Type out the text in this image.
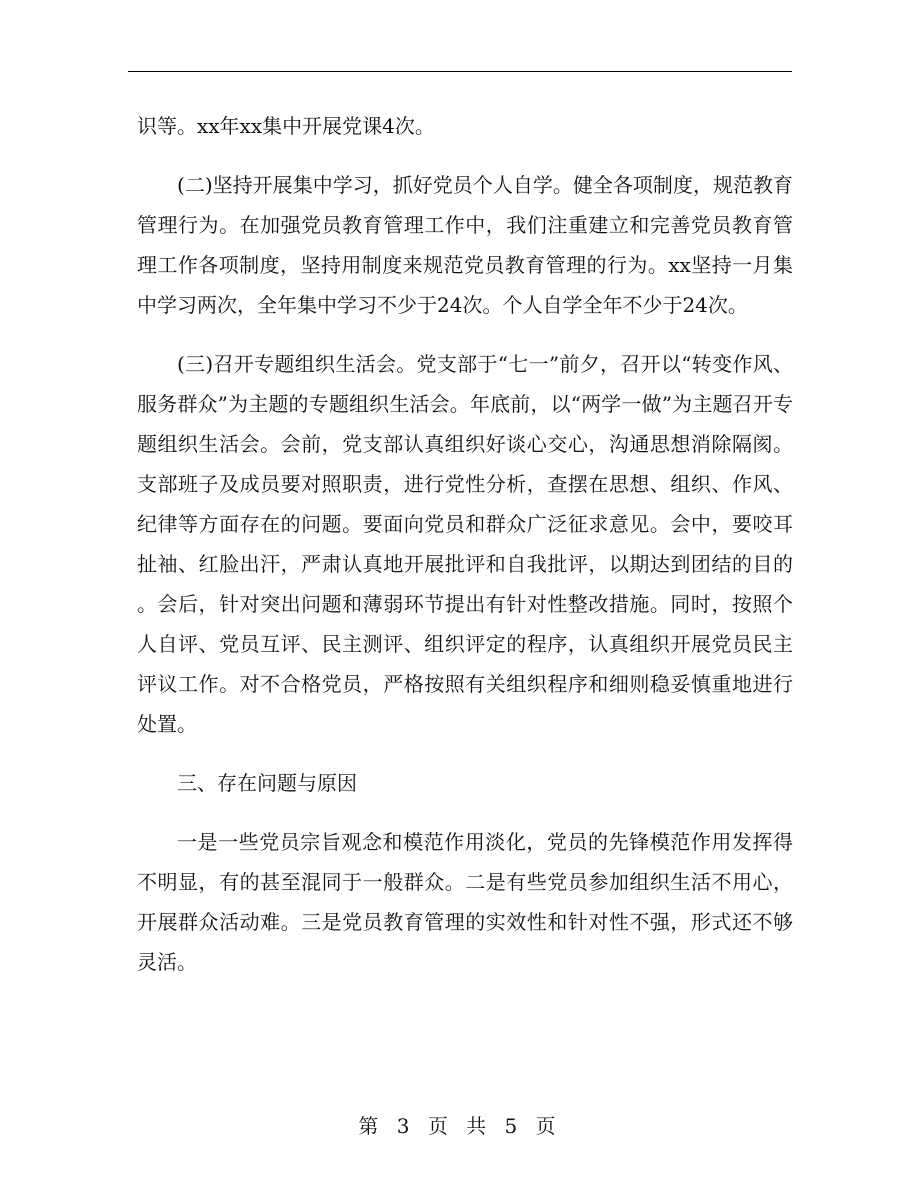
识等。xx年xx集中开展党课4次。

(二)坚持开展集中学习，抓好党员个人自学。健全各项制度，规范教育管理行为。在加强党员教育管理工作中，我们注重建立和完善党员教育管理工作各项制度，坚持用制度来规范党员教育管理的行为。xx坚持一月集中学习两次，全年集中学习不少于24次。个人自学全年不少于24次。

(三)召开专题组织生活会。党支部于“七一”前夕，召开以“转变作风、服务群众”为主题的专题组织生活会。年底前，以“两学一做”为主题召开专题组织生活会。会前，党支部认真组织好谈心交心，沟通思想消除隔阂。支部班子及成员要对照职责，进行党性分析，查摆在思想、组织、作风、纪律等方面存在的问题。要面向党员和群众广泛征求意见。会中，要咬耳扯袖、红脸出汗，严肃认真地开展批评和自我批评，以期达到团结的目的。会后，针对突出问题和薄弱环节提出有针对性整改措施。同时，按照个人自评、党员互评、民主测评、组织评定的程序，认真组织开展党员民主评议工作。对不合格党员，严格按照有关组织程序和细则稳妥慎重地进行处置。

三、存在问题与原因

一是一些党员宗旨观念和模范作用淡化，党员的先锋模范作用发挥得不明显，有的甚至混同于一般群众。二是有些党员参加组织生活不用心，开展群众活动难。三是党员教育管理的实效性和针对性不强，形式还不够灵活。

第 3 页 共 5 页
